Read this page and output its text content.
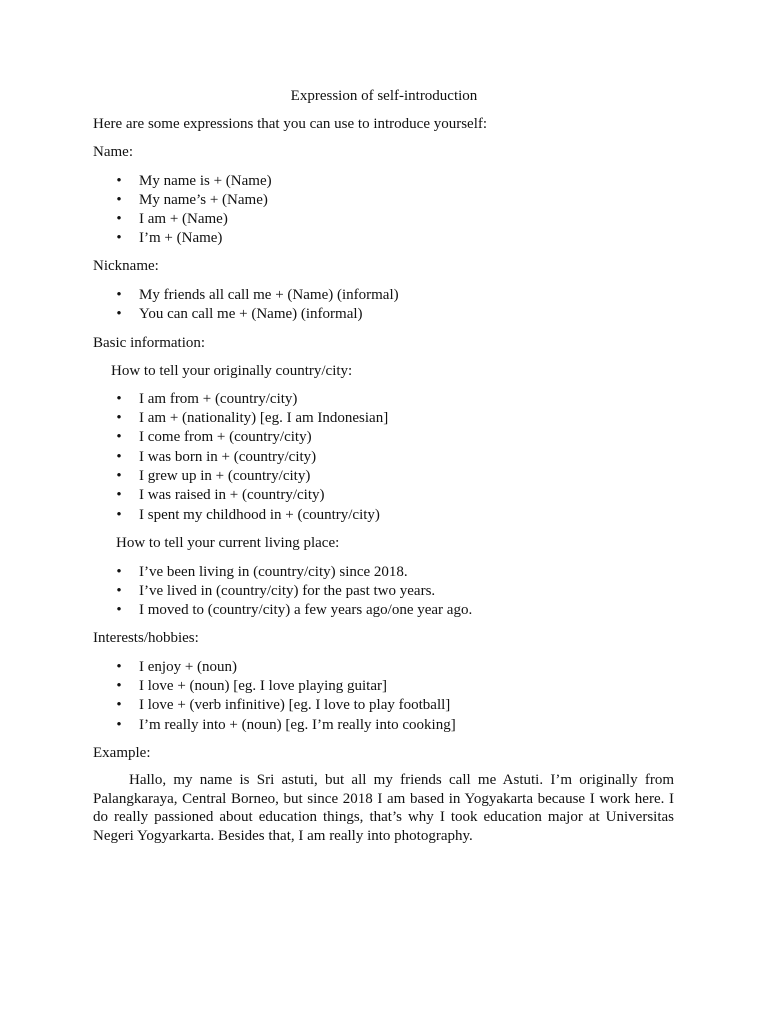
Expression of self-introduction
Here are some expressions that you can use to introduce yourself:
Name:
• My name is + (Name)
• My name’s + (Name)
• I am + (Name)
• I’m + (Name)
Nickname:
• My friends all call me + (Name) (informal)
• You can call me + (Name) (informal)
Basic information:
How to tell your originally country/city:
• I am from + (country/city)
• I am + (nationality) [eg. I am Indonesian]
• I come from + (country/city)
• I was born in + (country/city)
• I grew up in + (country/city)
• I was raised in + (country/city)
• I spent my childhood in + (country/city)
How to tell your current living place:
• I’ve been living in (country/city) since 2018.
• I’ve lived in (country/city) for the past two years.
• I moved to (country/city) a few years ago/one year ago.
Interests/hobbies:
• I enjoy + (noun)
• I love + (noun) [eg. I love playing guitar]
• I love + (verb infinitive) [eg. I love to play football]
• I’m really into + (noun) [eg. I’m really into cooking]
Example:
Hallo, my name is Sri astuti, but all my friends call me Astuti. I’m originally from Palangkaraya, Central Borneo, but since 2018 I am based in Yogyakarta because I work here. I do really passioned about education things, that’s why I took education major at Universitas Negeri Yogyarkarta. Besides that, I am really into photography.
